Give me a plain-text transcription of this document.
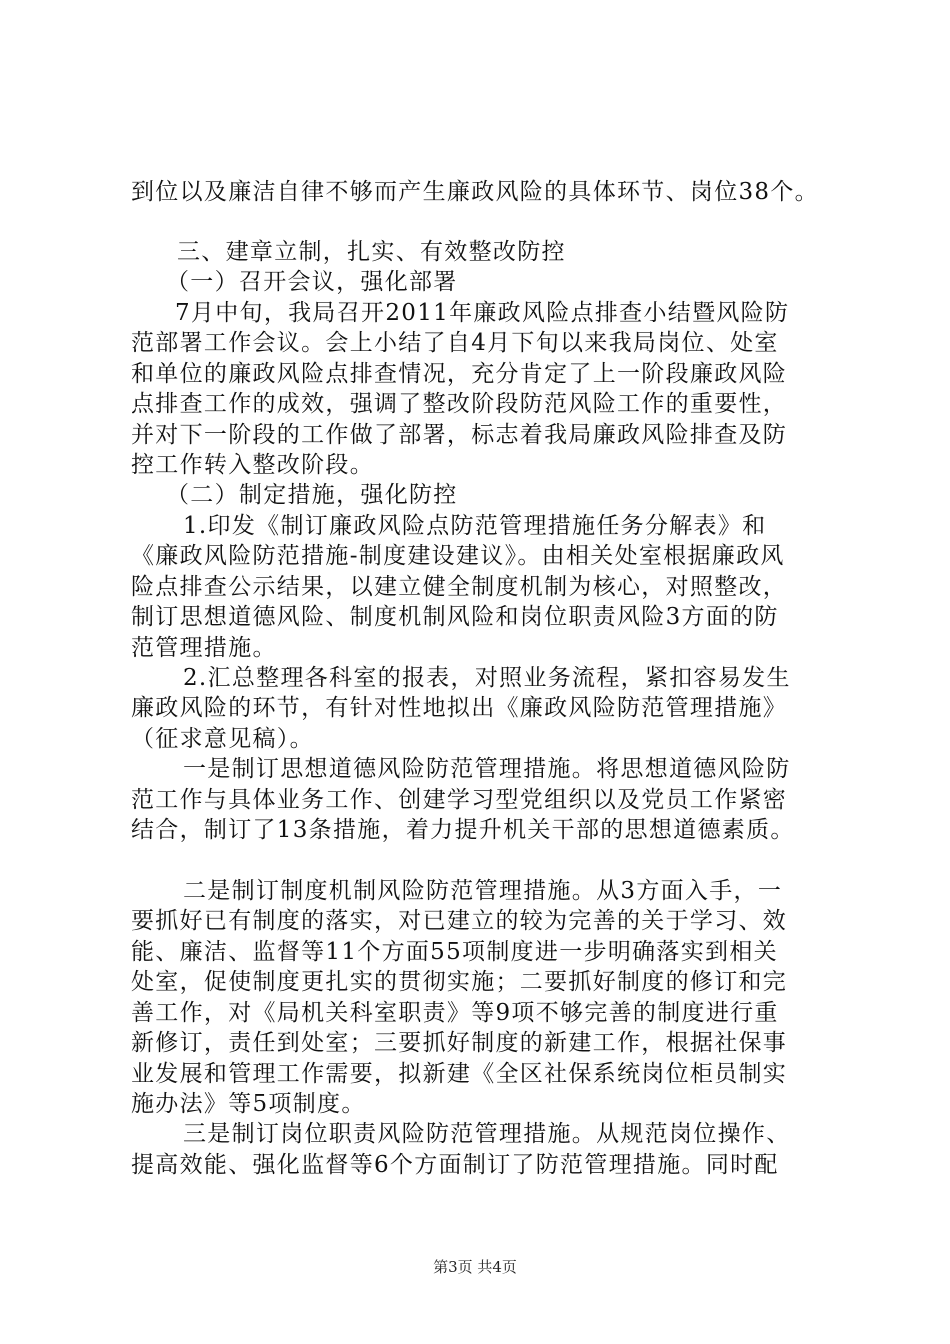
到位以及廉洁自律不够而产生廉政风险的具体环节、岗位38个。
三、建章立制，扎实、有效整改防控
（一）召开会议，强化部署
7月中旬，我局召开2011年廉政风险点排查小结暨风险防
范部署工作会议。会上小结了自4月下旬以来我局岗位、处室
和单位的廉政风险点排查情况，充分肯定了上一阶段廉政风险
点排查工作的成效，强调了整改阶段防范风险工作的重要性，
并对下一阶段的工作做了部署，标志着我局廉政风险排查及防
控工作转入整改阶段。
（二）制定措施，强化防控
1.印发《制订廉政风险点防范管理措施任务分解表》和
《廉政风险防范措施-制度建设建议》。由相关处室根据廉政风
险点排查公示结果，以建立健全制度机制为核心，对照整改，
制订思想道德风险、制度机制风险和岗位职责风险3方面的防
范管理措施。
2.汇总整理各科室的报表，对照业务流程，紧扣容易发生
廉政风险的环节，有针对性地拟出《廉政风险防范管理措施》
（征求意见稿）。
一是制订思想道德风险防范管理措施。将思想道德风险防
范工作与具体业务工作、创建学习型党组织以及党员工作紧密
结合，制订了13条措施，着力提升机关干部的思想道德素质。
二是制订制度机制风险防范管理措施。从3方面入手，一
要抓好已有制度的落实，对已建立的较为完善的关于学习、效
能、廉洁、监督等11个方面55项制度进一步明确落实到相关
处室，促使制度更扎实的贯彻实施；二要抓好制度的修订和完
善工作，对《局机关科室职责》等9项不够完善的制度进行重
新修订，责任到处室；三要抓好制度的新建工作，根据社保事
业发展和管理工作需要，拟新建《全区社保系统岗位柜员制实
施办法》等5项制度。
三是制订岗位职责风险防范管理措施。从规范岗位操作、
提高效能、强化监督等6个方面制订了防范管理措施。同时配
第3页 共4页
